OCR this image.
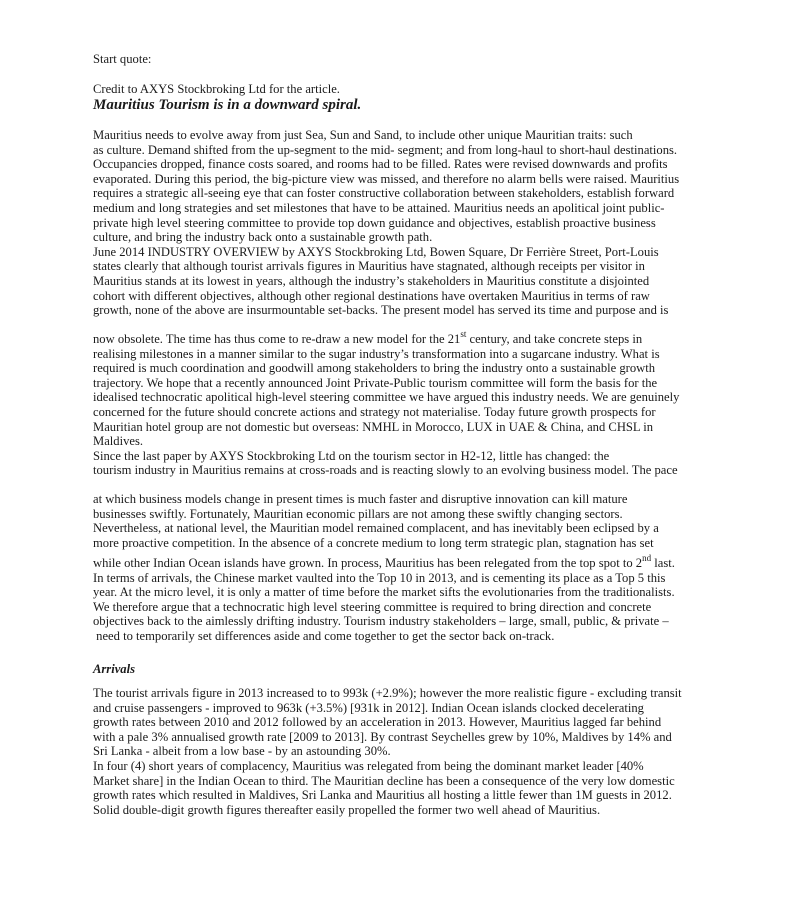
Start quote:

Credit to AXYS Stockbroking Ltd for the article.

Mauritius Tourism is in a downward spiral.

Mauritius needs to evolve away from just Sea, Sun and Sand, to include other unique Mauritian traits: such
as culture. Demand shifted from the up-segment to the mid- segment; and from long-haul to short-haul destinations.
Occupancies dropped, finance costs soared, and rooms had to be filled. Rates were revised downwards and profits
evaporated. During this period, the big-picture view was missed, and therefore no alarm bells were raised. Mauritius
requires a strategic all-seeing eye that can foster constructive collaboration between stakeholders, establish forward
medium and long strategies and set milestones that have to be attained. Mauritius needs an apolitical joint public-
private high level steering committee to provide top down guidance and objectives, establish proactive business
culture, and bring the industry back onto a sustainable growth path.
June 2014 INDUSTRY OVERVIEW by AXYS Stockbroking Ltd, Bowen Square, Dr Ferrière Street, Port-Louis
states clearly that although tourist arrivals figures in Mauritius have stagnated, although receipts per visitor in
Mauritius stands at its lowest in years, although the industry’s stakeholders in Mauritius constitute a disjointed
cohort with different objectives, although other regional destinations have overtaken Mauritius in terms of raw
growth, none of the above are insurmountable set-backs. The present model has served its time and purpose and is
now obsolete. The time has thus come to re-draw a new model for the 21st century, and take concrete steps in
realising milestones in a manner similar to the sugar industry’s transformation into a sugarcane industry. What is
required is much coordination and goodwill among stakeholders to bring the industry onto a sustainable growth
trajectory. We hope that a recently announced Joint Private-Public tourism committee will form the basis for the
idealised technocratic apolitical high-level steering committee we have argued this industry needs. We are genuinely
concerned for the future should concrete actions and strategy not materialise. Today future growth prospects for
Mauritian hotel group are not domestic but overseas: NMHL in Morocco, LUX in UAE & China, and CHSL in
Maldives.
Since the last paper by AXYS Stockbroking Ltd on the tourism sector in H2-12, little has changed: the
tourism industry in Mauritius remains at cross-roads and is reacting slowly to an evolving business model. The pace
at which business models change in present times is much faster and disruptive innovation can kill mature
businesses swiftly. Fortunately, Mauritian economic pillars are not among these swiftly changing sectors.
Nevertheless, at national level, the Mauritian model remained complacent, and has inevitably been eclipsed by a
more proactive competition. In the absence of a concrete medium to long term strategic plan, stagnation has set
while other Indian Ocean islands have grown. In process, Mauritius has been relegated from the top spot to 2nd last.
In terms of arrivals, the Chinese market vaulted into the Top 10 in 2013, and is cementing its place as a Top 5 this
year. At the micro level, it is only a matter of time before the market sifts the evolutionaries from the traditionalists.
We therefore argue that a technocratic high level steering committee is required to bring direction and concrete
objectives back to the aimlessly drifting industry. Tourism industry stakeholders – large, small, public, & private –
need to temporarily set differences aside and come together to get the sector back on-track.

Arrivals

The tourist arrivals figure in 2013 increased to to 993k (+2.9%); however the more realistic figure - excluding transit
and cruise passengers - improved to 963k (+3.5%) [931k in 2012]. Indian Ocean islands clocked decelerating
growth rates between 2010 and 2012 followed by an acceleration in 2013. However, Mauritius lagged far behind
with a pale 3% annualised growth rate [2009 to 2013]. By contrast Seychelles grew by 10%, Maldives by 14% and
Sri Lanka - albeit from a low base - by an astounding 30%.
In four (4) short years of complacency, Mauritius was relegated from being the dominant market leader [40%
Market share] in the Indian Ocean to third. The Mauritian decline has been a consequence of the very low domestic
growth rates which resulted in Maldives, Sri Lanka and Mauritius all hosting a little fewer than 1M guests in 2012.
Solid double-digit growth figures thereafter easily propelled the former two well ahead of Mauritius.
